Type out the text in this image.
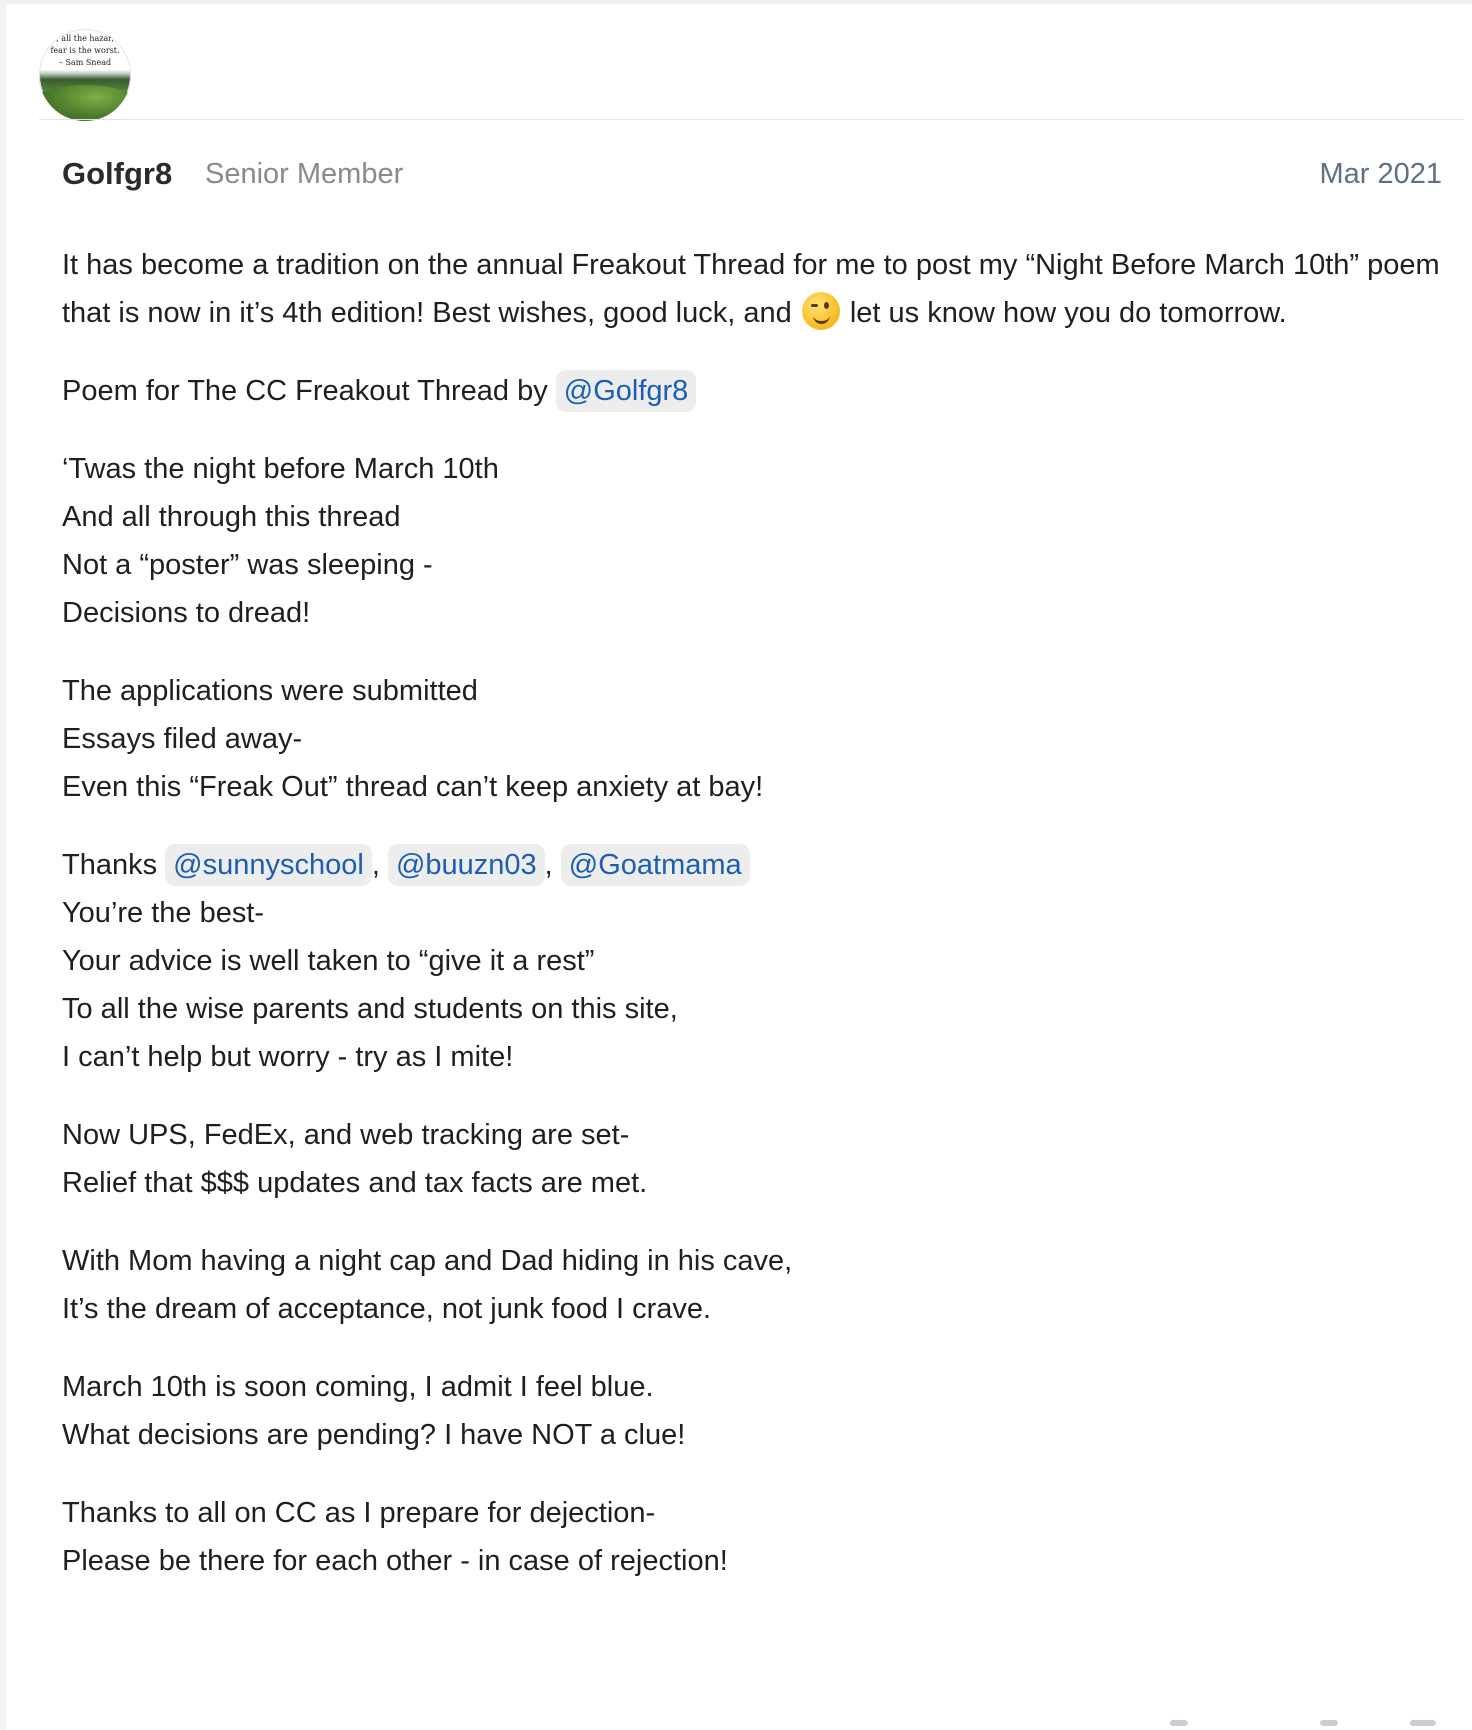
, all the hazar,
fear is the worst.
– Sam Snead
Golfgr8 Senior Member	Mar 2021

It has become a tradition on the annual Freakout Thread for me to post my “Night Before March 10th” poem that is now in it’s 4th edition! Best wishes, good luck, and
let us know how you do tomorrow.

Poem for The CC Freakout Thread by @Golfgr8

‘Twas the night before March 10th
And all through this thread
Not a “poster” was sleeping -
Decisions to dread!

The applications were submitted
Essays filed away-
Even this “Freak Out” thread can’t keep anxiety at bay!

Thanks @sunnyschool , @buuzn03 , @Goatmama
You’re the best-
Your advice is well taken to “give it a rest”
To all the wise parents and students on this site,
I can’t help but worry - try as I mite!

Now UPS, FedEx, and web tracking are set-
Relief that $$$ updates and tax facts are met.

With Mom having a night cap and Dad hiding in his cave,
It’s the dream of acceptance, not junk food I crave.

March 10th is soon coming, I admit I feel blue.
What decisions are pending? I have NOT a clue!

Thanks to all on CC as I prepare for dejection-
Please be there for each other - in case of rejection!
